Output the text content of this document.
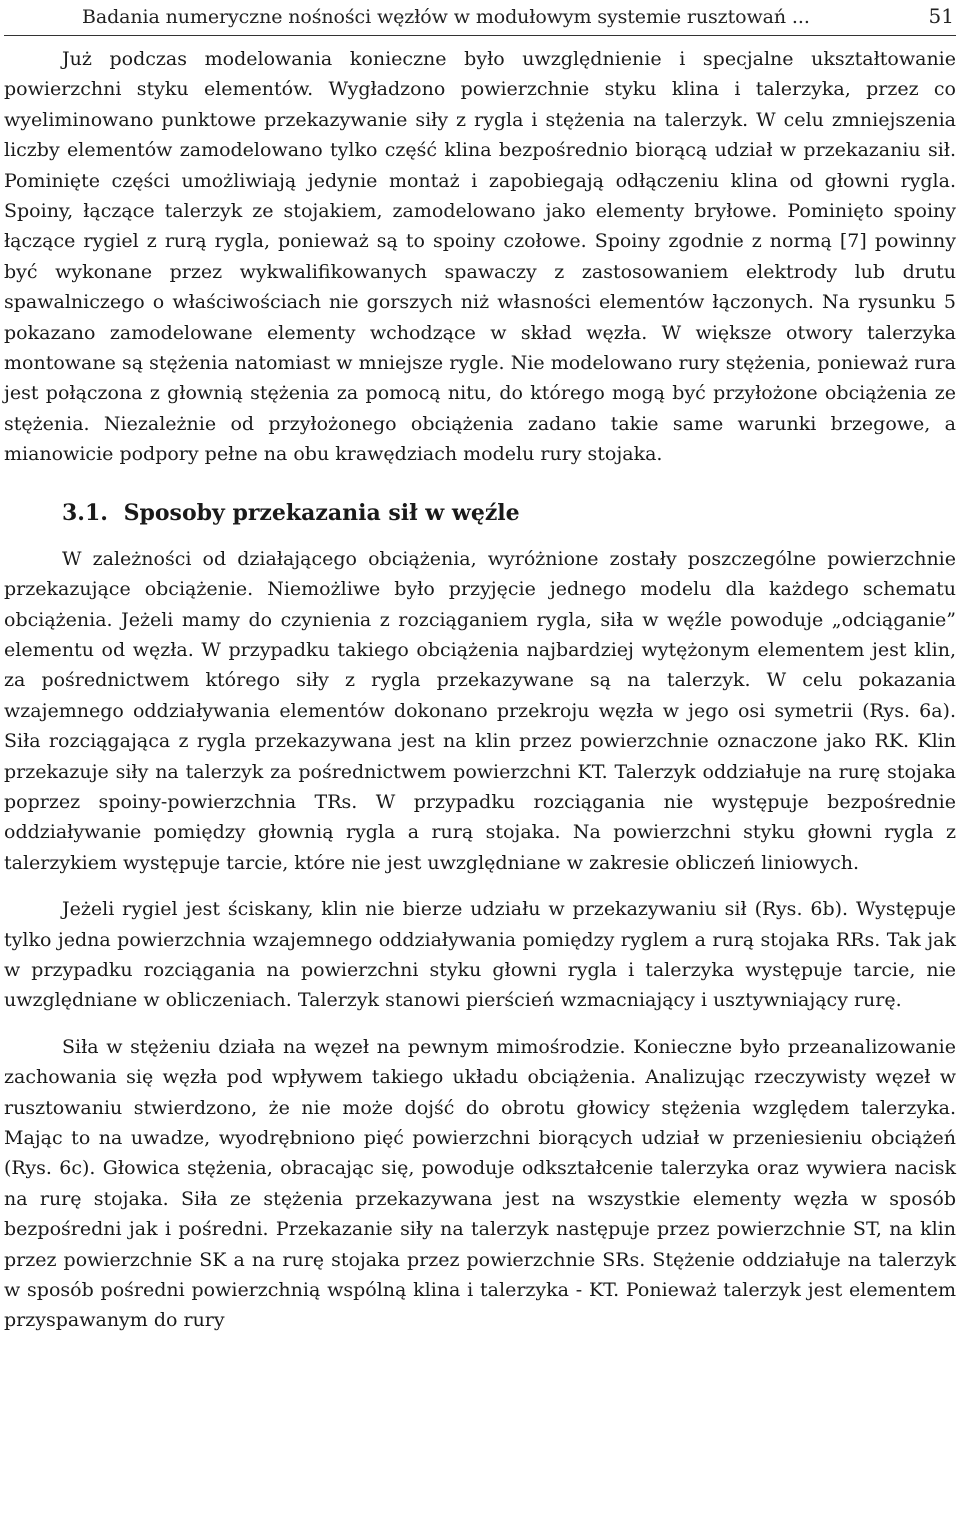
Badania numeryczne nośności węzłów w modułowym systemie rusztowań ...	51

Już podczas modelowania konieczne było uwzględnienie i specjalne ukształtowanie powierzchni styku elementów. Wygładzono powierzchnie styku klina i talerzyka, przez co wyeliminowano punktowe przekazywanie siły z rygla i stężenia na talerzyk. W celu zmniejszenia liczby elementów zamodelowano tylko część klina bezpośrednio biorącą udział w przekazaniu sił. Pominięte części umożliwiają jedynie montaż i zapobiegają odłączeniu klina od głowni rygla. Spoiny, łączące talerzyk ze stojakiem, zamodelowano jako elementy bryłowe. Pominięto spoiny łączące rygiel z rurą rygla, ponieważ są to spoiny czołowe. Spoiny zgodnie z normą [7] powinny być wykonane przez wykwalifikowanych spawaczy z zastosowaniem elektrody lub drutu spawalniczego o właściwościach nie gorszych niż własności elementów łączonych. Na rysunku 5 pokazano zamodelowane elementy wchodzące w skład węzła. W większe otwory talerzyka montowane są stężenia natomiast w mniejsze rygle. Nie modelowano rury stężenia, ponieważ rura jest połączona z głownią stężenia za pomocą nitu, do którego mogą być przyłożone obciążenia ze stężenia. Niezależnie od przyłożonego obciążenia zadano takie same warunki brzegowe, a mianowicie podpory pełne na obu krawędziach modelu rury stojaka.

3.1. Sposoby przekazania sił w węźle

W zależności od działającego obciążenia, wyróżnione zostały poszczególne powierzchnie przekazujące obciążenie. Niemożliwe było przyjęcie jednego modelu dla każdego schematu obciążenia. Jeżeli mamy do czynienia z rozciąganiem rygla, siła w węźle powoduje „odciąganie” elementu od węzła. W przypadku takiego obciążenia najbardziej wytężonym elementem jest klin, za pośrednictwem którego siły z rygla przekazywane są na talerzyk. W celu pokazania wzajemnego oddziaływania elementów dokonano przekroju węzła w jego osi symetrii (Rys. 6a). Siła rozciągająca z rygla przekazywana jest na klin przez powierzchnie oznaczone jako RK. Klin przekazuje siły na talerzyk za pośrednictwem powierzchni KT. Talerzyk oddziałuje na rurę stojaka poprzez spoiny-powierzchnia TRs. W przypadku rozciągania nie występuje bezpośrednie oddziaływanie pomiędzy głownią rygla a rurą stojaka. Na powierzchni styku głowni rygla z talerzykiem występuje tarcie, które nie jest uwzględniane w zakresie obliczeń liniowych.

Jeżeli rygiel jest ściskany, klin nie bierze udziału w przekazywaniu sił (Rys. 6b). Występuje tylko jedna powierzchnia wzajemnego oddziaływania pomiędzy ryglem a rurą stojaka RRs. Tak jak w przypadku rozciągania na powierzchni styku głowni rygla i talerzyka występuje tarcie, nie uwzględniane w obliczeniach. Talerzyk stanowi pierścień wzmacniający i usztywniający rurę.

Siła w stężeniu działa na węzeł na pewnym mimośrodzie. Konieczne było przeanalizowanie zachowania się węzła pod wpływem takiego układu obciążenia. Analizując rzeczywisty węzeł w rusztowaniu stwierdzono, że nie może dojść do obrotu głowicy stężenia względem talerzyka. Mając to na uwadze, wyodrębniono pięć powierzchni biorących udział w przeniesieniu obciążeń (Rys. 6c). Głowica stężenia, obracając się, powoduje odkształcenie talerzyka oraz wywiera nacisk na rurę stojaka. Siła ze stężenia przekazywana jest na wszystkie elementy węzła w sposób bezpośredni jak i pośredni. Przekazanie siły na talerzyk następuje przez powierzchnie ST, na klin przez powierzchnie SK a na rurę stojaka przez powierzchnie SRs. Stężenie oddziałuje na talerzyk w sposób pośredni powierzchnią wspólną klina i talerzyka - KT. Ponieważ talerzyk jest elementem przyspawanym do rury
